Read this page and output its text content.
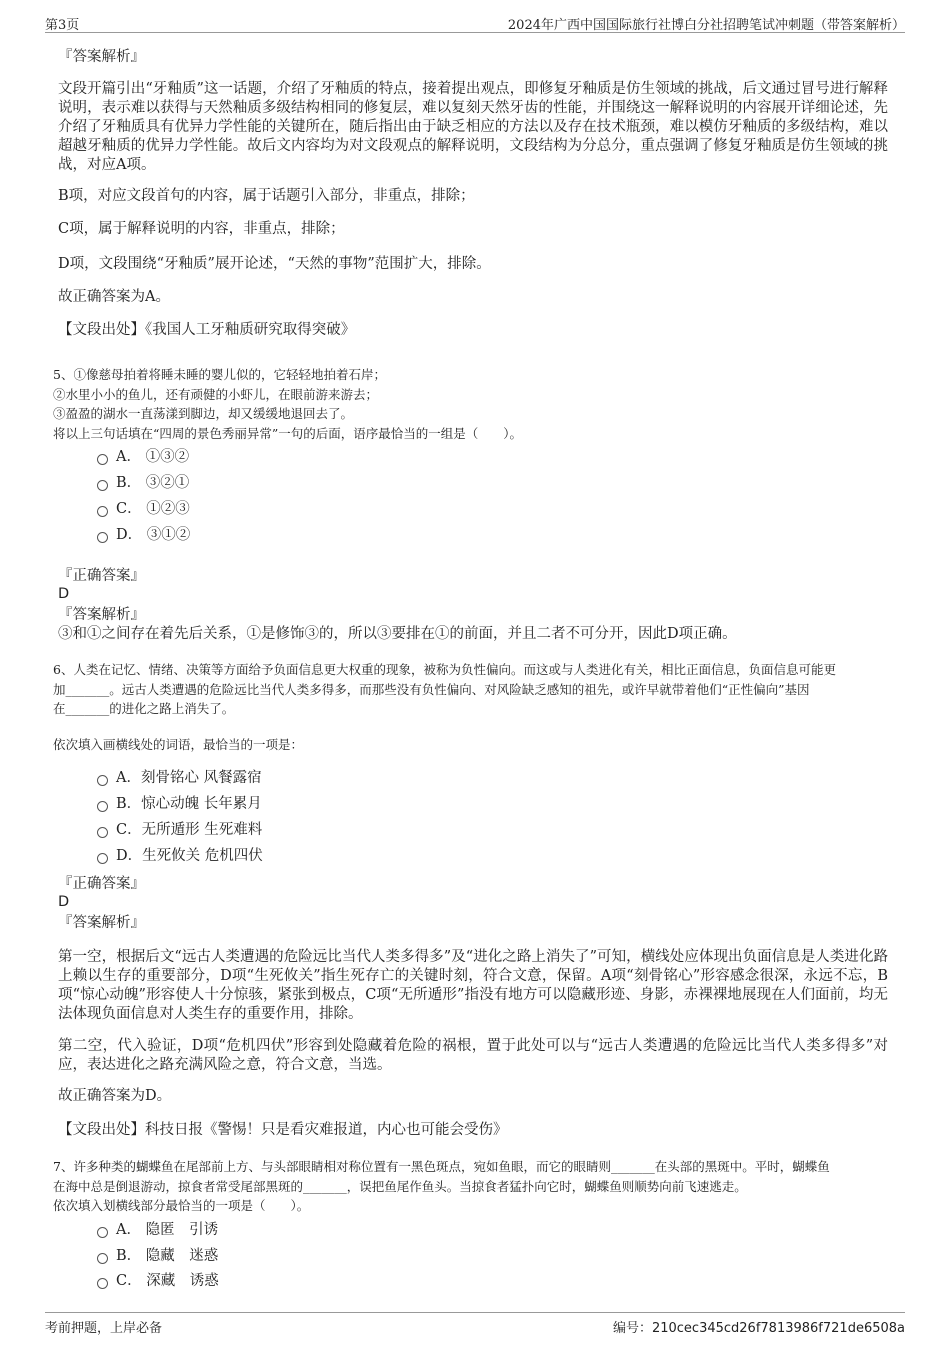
第3页	2024年广西中国国际旅行社博白分社招聘笔试冲刺题（带答案解析）
『答案解析』
文段开篇引出“牙釉质”这一话题，介绍了牙釉质的特点，接着提出观点，即修复牙釉质是仿生领域的挑战，后文通过冒号进行解释说明，表示难以获得与天然釉质多级结构相同的修复层，难以复刻天然牙齿的性能，并围绕这一解释说明的内容展开详细论述，先介绍了牙釉质具有优异力学性能的关键所在，随后指出由于缺乏相应的方法以及存在技术瓶颈，难以模仿牙釉质的多级结构，难以超越牙釉质的优异力学性能。故后文内容均为对文段观点的解释说明，文段结构为分总分，重点强调了修复牙釉质是仿生领域的挑战，对应A项。
B项，对应文段首句的内容，属于话题引入部分，非重点，排除；
C项，属于解释说明的内容，非重点，排除；
D项，文段围绕“牙釉质”展开论述，“天然的事物”范围扩大，排除。
故正确答案为A。
【文段出处】《我国人工牙釉质研究取得突破》

5、①像慈母拍着将睡未睡的婴儿似的，它轻轻地拍着石岸；

②水里小小的鱼儿，还有顽健的小虾儿，在眼前游来游去；

③盈盈的湖水一直荡漾到脚边，却又缓缓地退回去了。

将以上三句话填在“四周的景色秀丽异常”一句的后面，语序最恰当的一组是（　　）。

A． ①③②
B． ③②①
C． ①②③
D． ③①②
『正确答案』
D
『答案解析』
③和①之间存在着先后关系，①是修饰③的，所以③要排在①的前面，并且二者不可分开，因此D项正确。

6、人类在记忆、情绪、决策等方面给予负面信息更大权重的现象，被称为负性偏向。而这或与人类进化有关，相比正面信息，负面信息可能更

加_______。远古人类遭遇的危险远比当代人类多得多，而那些没有负性偏向、对风险缺乏感知的祖先，或许早就带着他们“正性偏向”基因

在_______的进化之路上消失了。

依次填入画横线处的词语，最恰当的一项是：
A．刻骨铭心 风餐露宿
B．惊心动魄 长年累月
C．无所遁形 生死难料
D．生死攸关 危机四伏
『正确答案』
D
『答案解析』
第一空，根据后文“远古人类遭遇的危险远比当代人类多得多”及“进化之路上消失了”可知，横线处应体现出负面信息是人类进化路上赖以生存的重要部分，D项“生死攸关”指生死存亡的关键时刻，符合文意，保留。A项“刻骨铭心”形容感念很深，永远不忘，B项“惊心动魄”形容使人十分惊骇，紧张到极点，C项“无所遁形”指没有地方可以隐藏形迹、身影，赤裸裸地展现在人们面前，均无法体现负面信息对人类生存的重要作用，排除。
第二空，代入验证，D项“危机四伏”形容到处隐藏着危险的祸根，置于此处可以与“远古人类遭遇的危险远比当代人类多得多”对应，表达进化之路充满风险之意，符合文意，当选。
故正确答案为D。
【文段出处】科技日报《警惕！只是看灾难报道，内心也可能会受伤》

7、许多种类的蝴蝶鱼在尾部前上方、与头部眼睛相对称位置有一黑色斑点，宛如鱼眼，而它的眼睛则_______在头部的黑斑中。平时，蝴蝶鱼

在海中总是倒退游动，掠食者常受尾部黑斑的_______，误把鱼尾作鱼头。当掠食者猛扑向它时，蝴蝶鱼则顺势向前飞速逃走。

依次填入划横线部分最恰当的一项是（　　）。

A． 隐匿　引诱
B． 隐藏　迷惑
C． 深藏　诱惑
考前押题，上岸必备	编号：210cec345cd26f7813986f721de6508a
